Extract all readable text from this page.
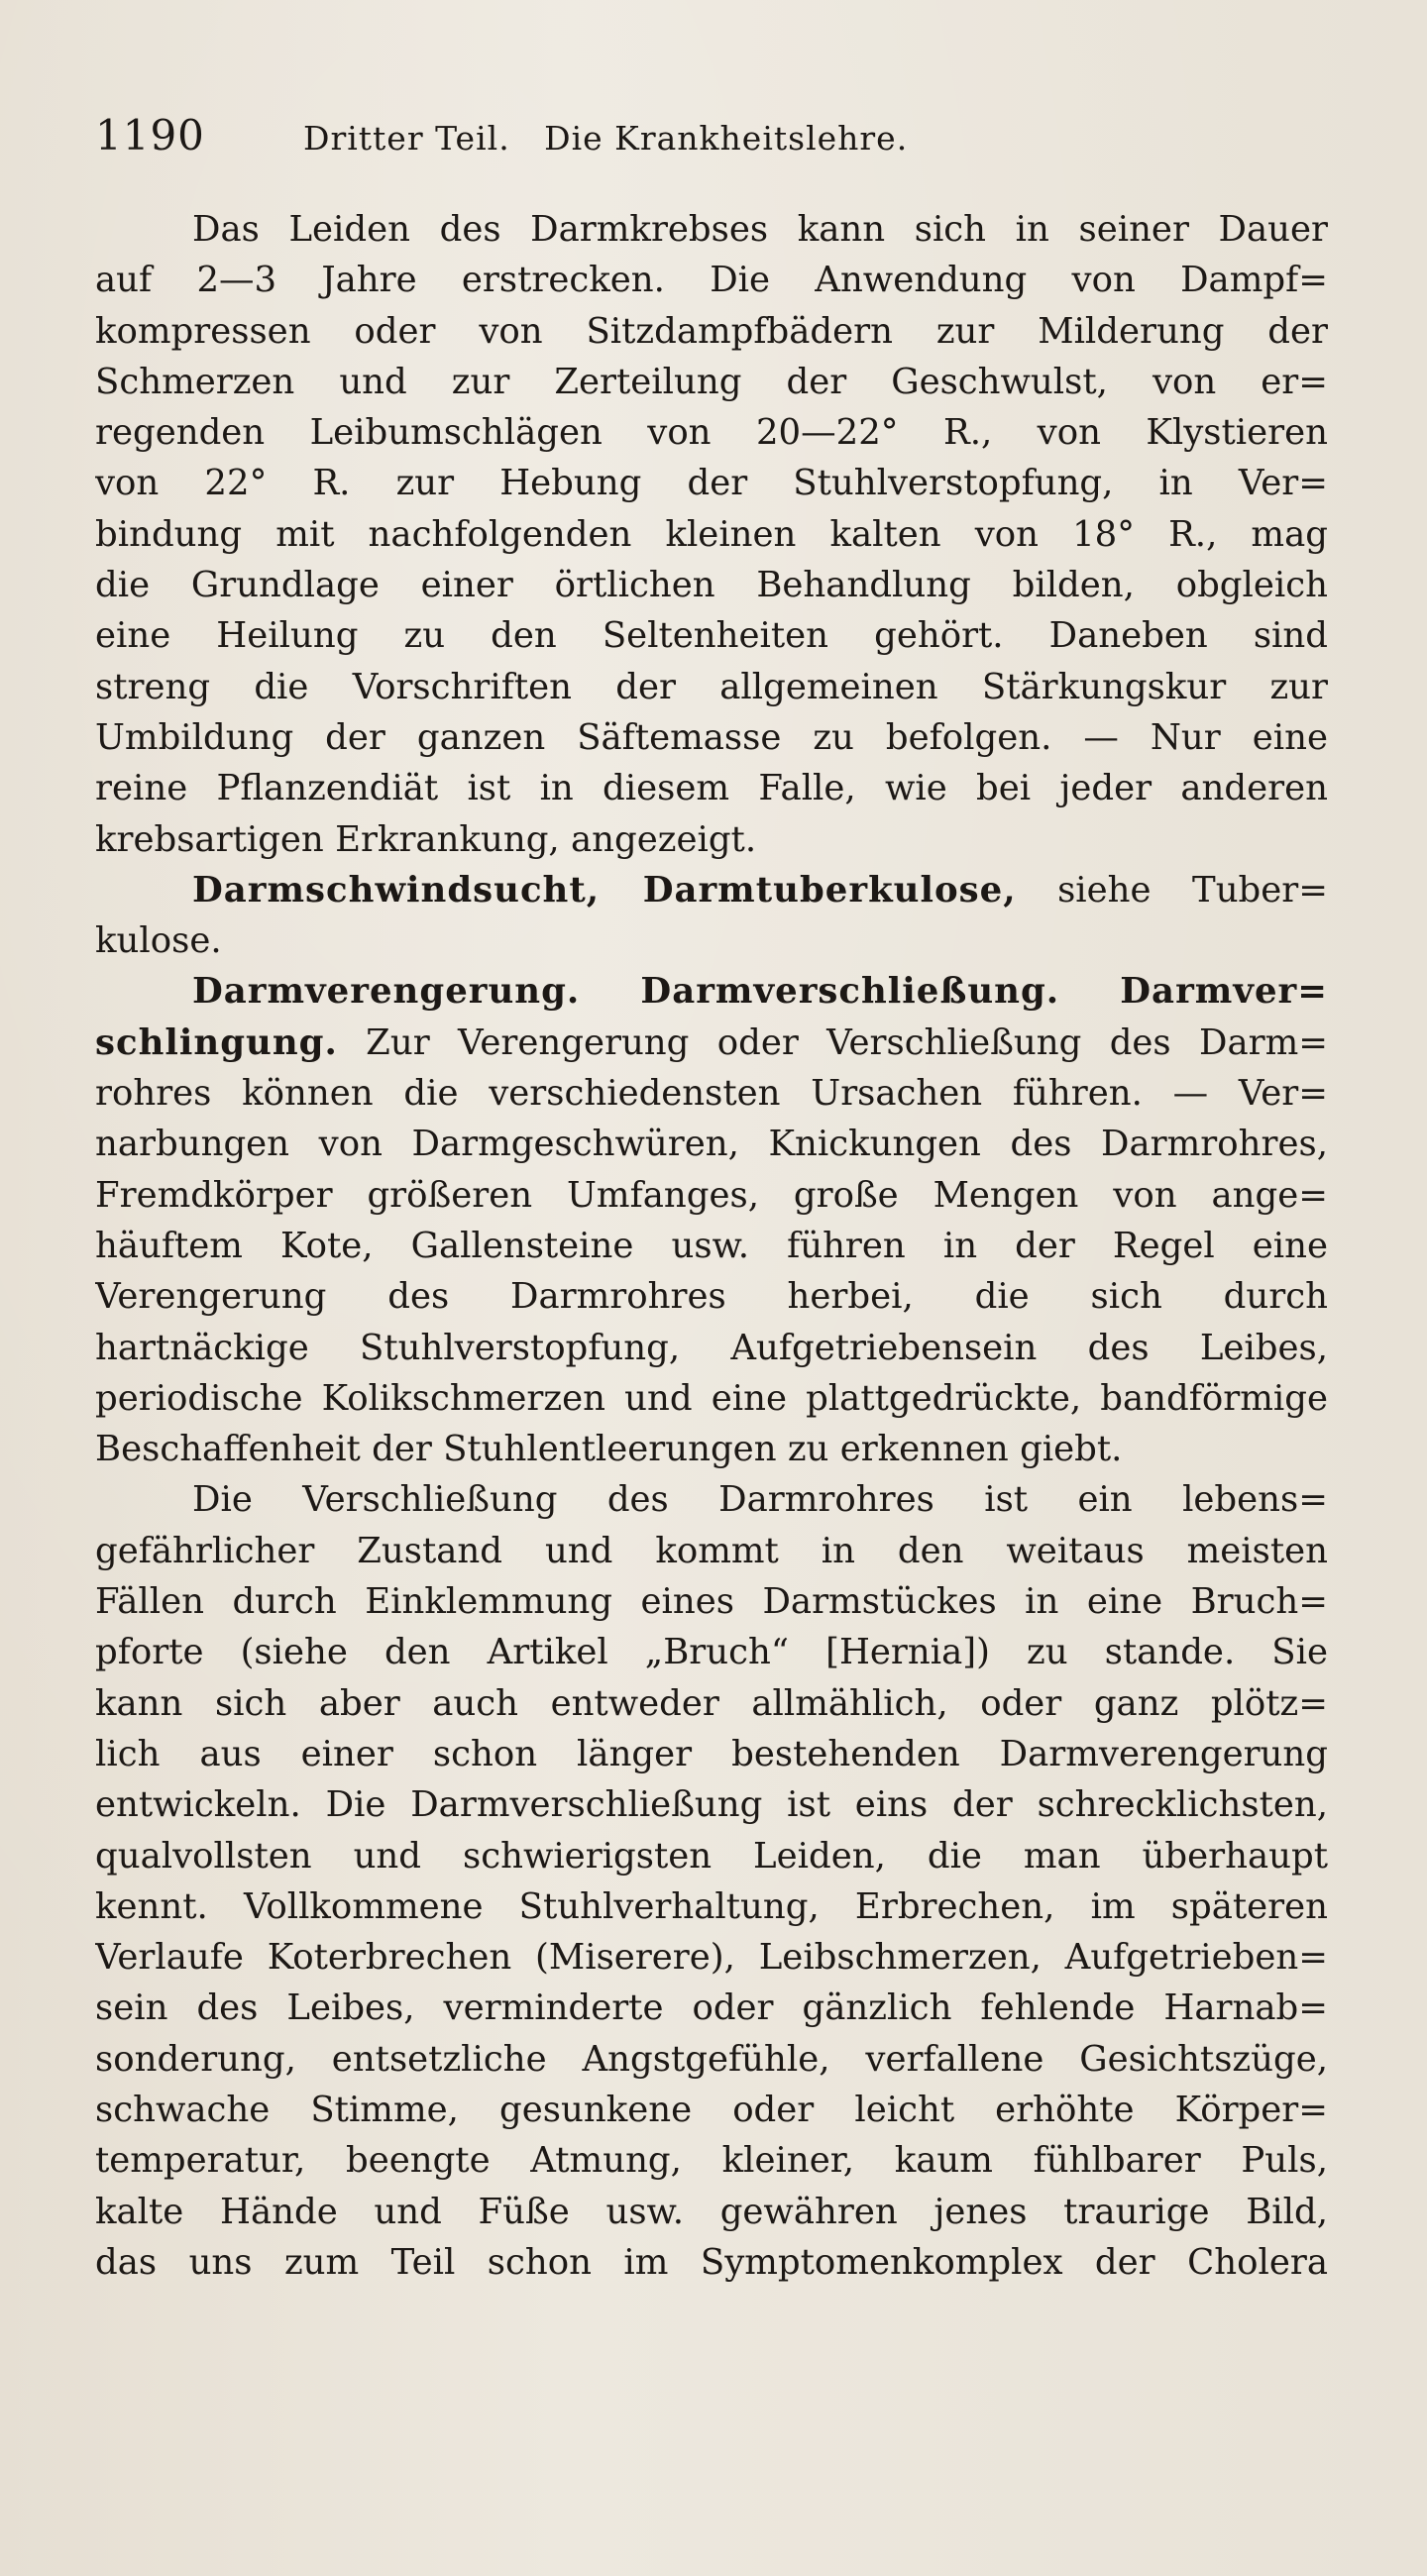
1190	Dritter Teil.   Die Krankheitslehre.

Das Leiden des Darmkrebses kann sich in seiner Dauer
auf 2—3 Jahre erstrecken. Die Anwendung von Dampf=
kompressen oder von Sitzdampfbädern zur Milderung der
Schmerzen und zur Zerteilung der Geschwulst, von er=
regenden Leibumschlägen von 20—22° R., von Klystieren
von 22° R. zur Hebung der Stuhlverstopfung, in Ver=
bindung mit nachfolgenden kleinen kalten von 18° R., mag
die Grundlage einer örtlichen Behandlung bilden, obgleich
eine Heilung zu den Seltenheiten gehört. Daneben sind
streng die Vorschriften der allgemeinen Stärkungskur zur
Umbildung der ganzen Säftemasse zu befolgen. — Nur eine
reine Pflanzendiät ist in diesem Falle, wie bei jeder anderen
krebsartigen Erkrankung, angezeigt.

Darmschwindsucht, Darmtuberkulose, siehe Tuber=
kulose.

Darmverengerung. Darmverschließung. Darmver=
schlingung. Zur Verengerung oder Verschließung des Darm=
rohres können die verschiedensten Ursachen führen. — Ver=
narbungen von Darmgeschwüren, Knickungen des Darmrohres,
Fremdkörper größeren Umfanges, große Mengen von ange=
häuftem Kote, Gallensteine usw. führen in der Regel eine
Verengerung des Darmrohres herbei, die sich durch
hartnäckige Stuhlverstopfung, Aufgetriebensein des Leibes,
periodische Kolikschmerzen und eine plattgedrückte, bandförmige
Beschaffenheit der Stuhlentleerungen zu erkennen giebt.

Die Verschließung des Darmrohres ist ein lebens=
gefährlicher Zustand und kommt in den weitaus meisten
Fällen durch Einklemmung eines Darmstückes in eine Bruch=
pforte (siehe den Artikel „Bruch“ [Hernia]) zu stande. Sie
kann sich aber auch entweder allmählich, oder ganz plötz=
lich aus einer schon länger bestehenden Darmverengerung
entwickeln. Die Darmverschließung ist eins der schrecklichsten,
qualvollsten und schwierigsten Leiden, die man überhaupt
kennt. Vollkommene Stuhlverhaltung, Erbrechen, im späteren
Verlaufe Koterbrechen (Miserere), Leibschmerzen, Aufgetrieben=
sein des Leibes, verminderte oder gänzlich fehlende Harnab=
sonderung, entsetzliche Angstgefühle, verfallene Gesichtszüge,
schwache Stimme, gesunkene oder leicht erhöhte Körper=
temperatur, beengte Atmung, kleiner, kaum fühlbarer Puls,
kalte Hände und Füße usw. gewähren jenes traurige Bild,
das uns zum Teil schon im Symptomenkomplex der Cholera
